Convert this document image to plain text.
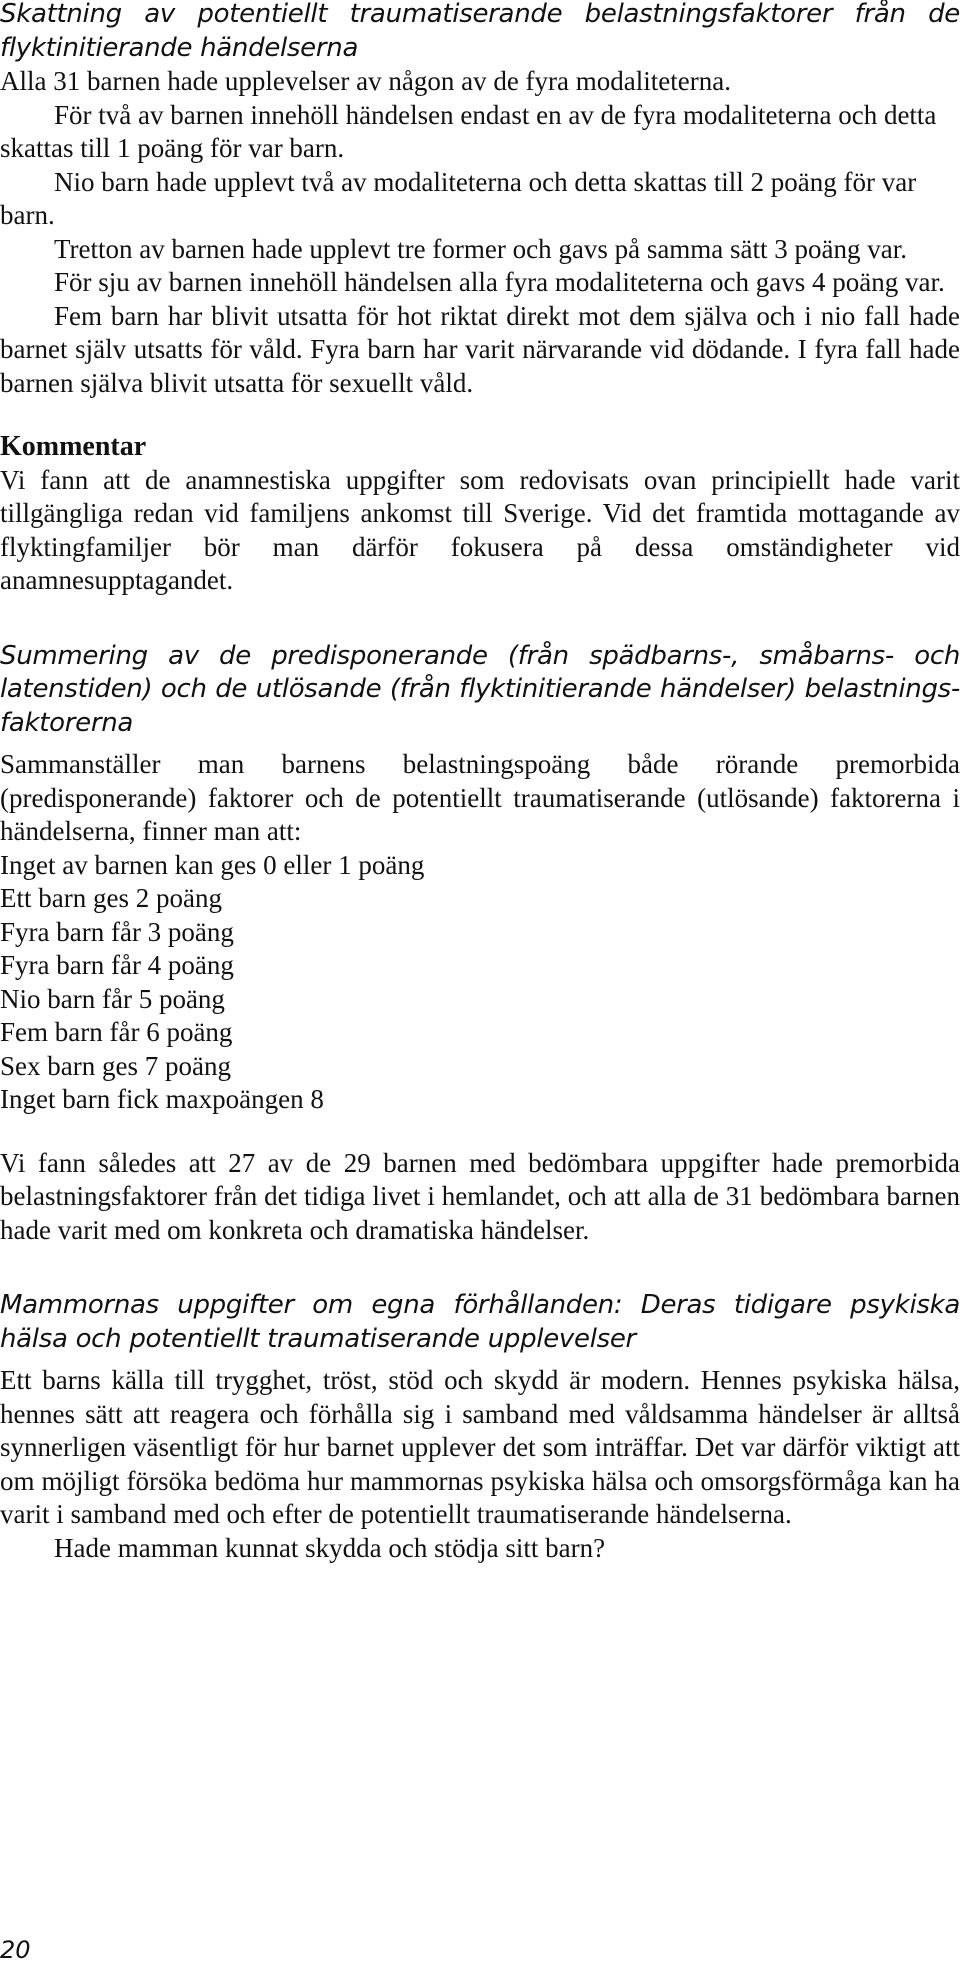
Skattning av potentiellt traumatiserande belastningsfaktorer från de flyktinitierande händelserna

Alla 31 barnen hade upplevelser av någon av de fyra modaliteterna.

För två av barnen innehöll händelsen endast en av de fyra modaliteterna och detta skattas till 1 poäng för var barn.

Nio barn hade upplevt två av modaliteterna och detta skattas till 2 poäng för var barn.

Tretton av barnen hade upplevt tre former och gavs på samma sätt 3 poäng var.

För sju av barnen innehöll händelsen alla fyra modaliteterna och gavs 4 poäng var.

Fem barn har blivit utsatta för hot riktat direkt mot dem själva och i nio fall hade barnet själv utsatts för våld. Fyra barn har varit närvarande vid dödande. I fyra fall hade barnen själva blivit utsatta för sexuellt våld.

Kommentar

Vi fann att de anamnestiska uppgifter som redovisats ovan principiellt hade varit tillgängliga redan vid familjens ankomst till Sverige. Vid det framtida mottagande av flyktingfamiljer bör man därför fokusera på dessa omständigheter vid anamnesupptagandet.

Summering av de predisponerande (från spädbarns-, småbarns- och latenstiden) och de utlösande (från flyktinitierande händelser) belastnings-faktorerna

Sammanställer man barnens belastningspoäng både rörande premorbida (predisponerande) faktorer och de potentiellt traumatiserande (utlösande) faktorerna i händelserna, finner man att:

Inget av barnen kan ges 0 eller 1 poäng

Ett barn ges 2 poäng

Fyra barn får 3 poäng

Fyra barn får 4 poäng

Nio barn får 5 poäng

Fem barn får 6 poäng

Sex barn ges 7 poäng

Inget barn fick maxpoängen 8

Vi fann således att 27 av de 29 barnen med bedömbara uppgifter hade premorbida belastningsfaktorer från det tidiga livet i hemlandet, och att alla de 31 bedömbara barnen hade varit med om konkreta och dramatiska händelser.

Mammornas uppgifter om egna förhållanden: Deras tidigare psykiska hälsa och potentiellt traumatiserande upplevelser

Ett barns källa till trygghet, tröst, stöd och skydd är modern. Hennes psykiska hälsa, hennes sätt att reagera och förhålla sig i samband med våldsamma händelser är alltså synnerligen väsentligt för hur barnet upplever det som inträffar. Det var därför viktigt att om möjligt försöka bedöma hur mammornas psykiska hälsa och omsorgsförmåga kan ha varit i samband med och efter de potentiellt traumatiserande händelserna.

Hade mamman kunnat skydda och stödja sitt barn?

20
